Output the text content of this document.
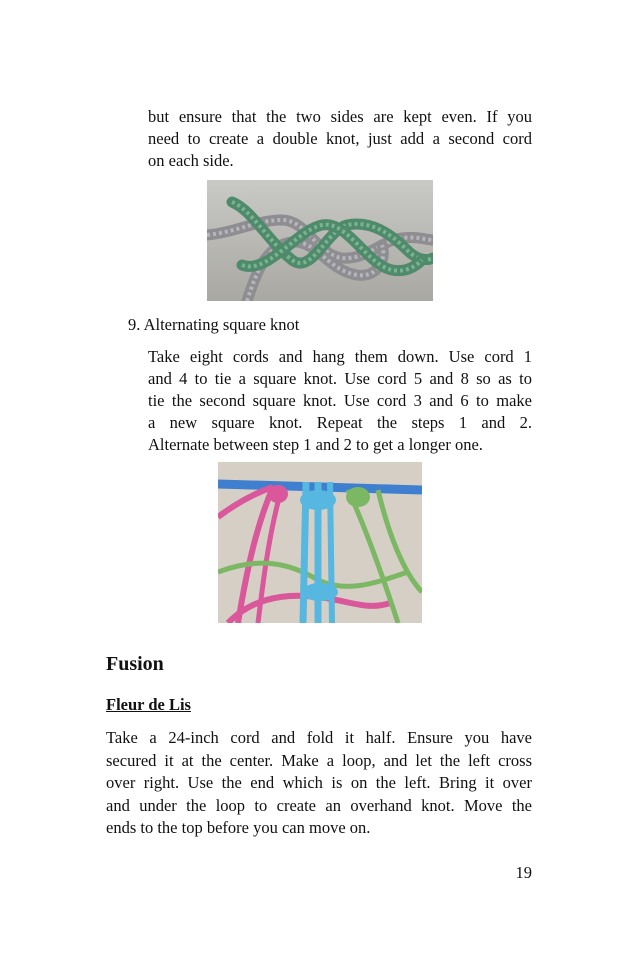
but ensure that the two sides are kept even. If you
need to create a double knot, just add a second cord
on each side.
9. Alternating square knot
Take eight cords and hang them down. Use cord 1
and 4 to tie a square knot. Use cord 5 and 8 so as to
tie the second square knot. Use cord 3 and 6 to make
a new square knot. Repeat the steps 1 and 2.
Alternate between step 1 and 2 to get a longer one.
Fusion
Fleur de Lis
Take a 24-inch cord and fold it half. Ensure you have
secured it at the center. Make a loop, and let the left cross
over right. Use the end which is on the left. Bring it over
and under the loop to create an overhand knot. Move the
ends to the top before you can move on.
19
